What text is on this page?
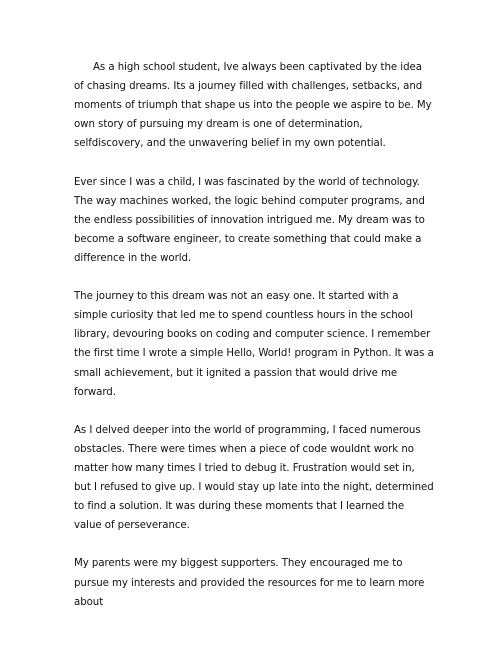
As a high school student, Ive always been captivated by the idea of chasing dreams. Its a journey filled with challenges, setbacks, and moments of triumph that shape us into the people we aspire to be. My own story of pursuing my dream is one of determination, selfdiscovery, and the unwavering belief in my own potential.

Ever since I was a child, I was fascinated by the world of technology. The way machines worked, the logic behind computer programs, and the endless possibilities of innovation intrigued me. My dream was to become a software engineer, to create something that could make a difference in the world.

The journey to this dream was not an easy one. It started with a simple curiosity that led me to spend countless hours in the school library, devouring books on coding and computer science. I remember the first time I wrote a simple Hello, World! program in Python. It was a small achievement, but it ignited a passion that would drive me forward.

As I delved deeper into the world of programming, I faced numerous obstacles. There were times when a piece of code wouldnt work no matter how many times I tried to debug it. Frustration would set in, but I refused to give up. I would stay up late into the night, determined to find a solution. It was during these moments that I learned the value of perseverance.

My parents were my biggest supporters. They encouraged me to pursue my interests and provided the resources for me to learn more about
